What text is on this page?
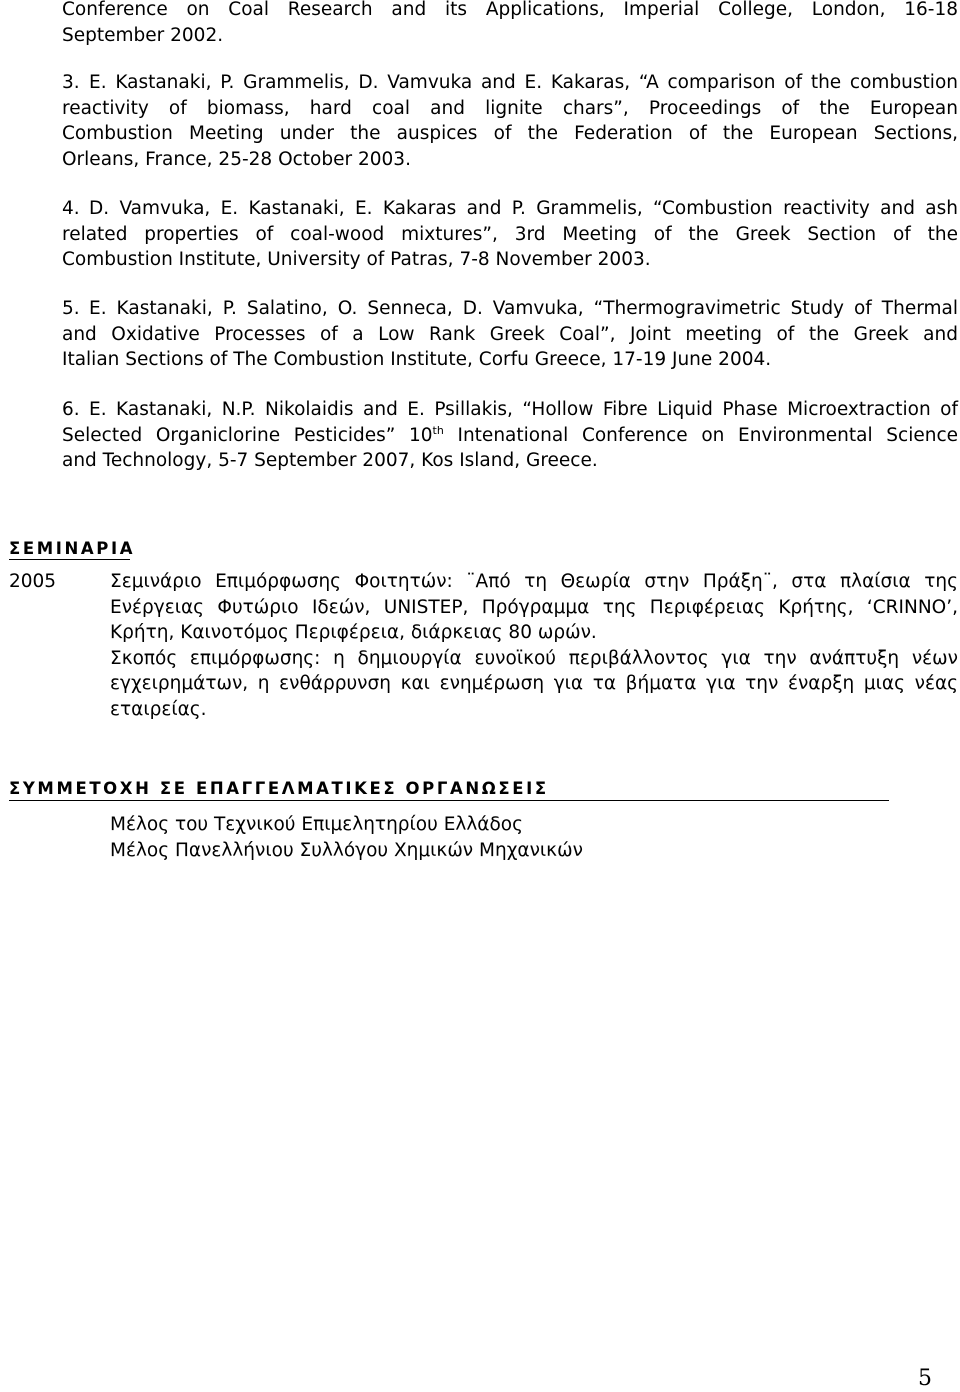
Conference on Coal Research and its Applications, Imperial College, London, 16-18

September 2002.

3. E. Kastanaki, P. Grammelis, D. Vamvuka and E. Kakaras, “A comparison of the combustion

reactivity of biomass, hard coal and lignite chars”, Proceedings of the European

Combustion Meeting under the auspices of the Federation of the European Sections,

Orleans, France, 25-28 October 2003.

4. D. Vamvuka, E. Kastanaki, E. Kakaras and P. Grammelis, “Combustion reactivity and ash

related properties of coal-wood mixtures”, 3rd Meeting of the Greek Section of the

Combustion Institute, University of Patras, 7-8 November 2003.

5. E. Kastanaki, P. Salatino, O. Senneca, D. Vamvuka, “Thermogravimetric Study of Thermal

and Oxidative Processes of a Low Rank Greek Coal”, Joint meeting of the Greek and

Italian Sections of The Combustion Institute, Corfu Greece, 17-19 June 2004.

6. E. Kastanaki, N.P. Nikolaidis and E. Psillakis, “Hollow Fibre Liquid Phase Microextraction of

Selected Organiclorine Pesticides” 10th Intenational Conference on Environmental Science

and Technology, 5-7 September 2007, Kos Island, Greece.

ΣΕΜΙΝΑΡΙΑ
2005	Σεμινάριο Επιμόρφωσης Φοιτητών: ¨Από τη Θεωρία στην Πράξη¨, στα πλαίσια της

Ενέργειας Φυτώριο Ιδεών, UNISTEP, Πρόγραμμα της Περιφέρειας Κρήτης, ‘CRINNO’,

Κρήτη, Καινοτόμος Περιφέρεια, διάρκειας 80 ωρών.

Σκοπός επιμόρφωσης: η δημιουργία ευνοϊκού περιβάλλοντος για την ανάπτυξη νέων

εγχειρημάτων, η ενθάρρυνση και ενημέρωση για τα βήματα για την έναρξη μιας νέας

εταιρείας.

ΣΥΜΜΕΤΟΧΗ ΣΕ ΕΠΑΓΓΕΛΜΑΤΙΚΕΣ ΟΡΓΑΝΩΣΕΙΣ
Μέλος του Τεχνικού Επιμελητηρίου Ελλάδος
Μέλος Πανελλήνιου Συλλόγου Χημικών Μηχανικών
5
